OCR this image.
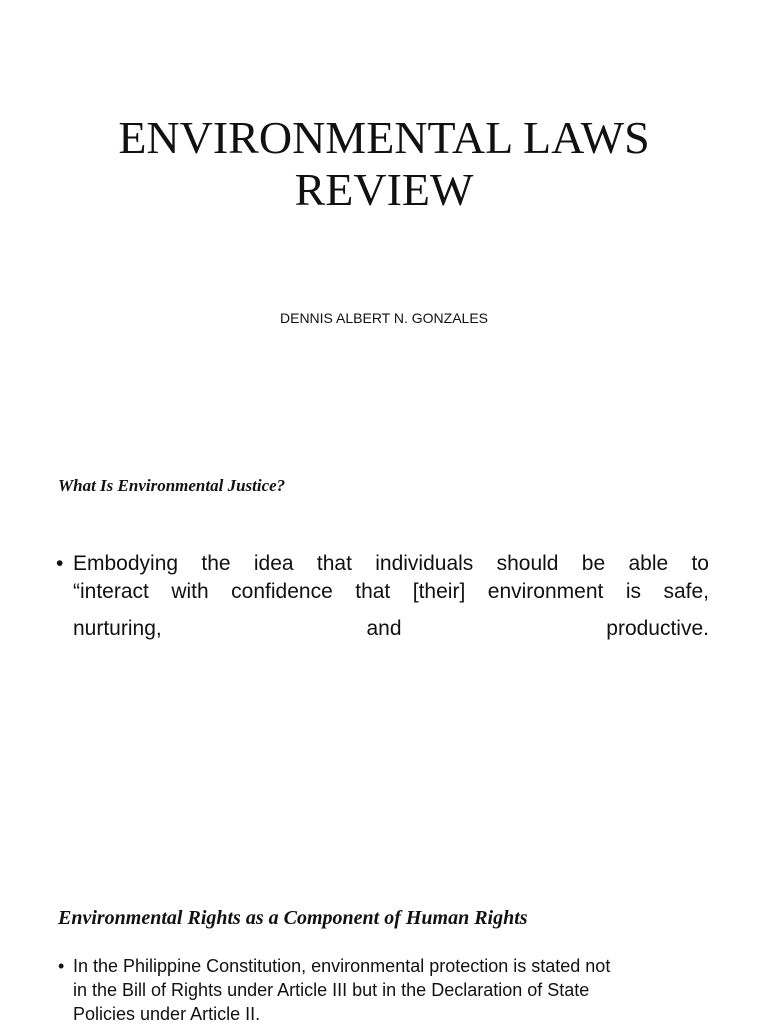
ENVIRONMENTAL LAWS
REVIEW
DENNIS ALBERT N. GONZALES
What Is Environmental Justice?
• Embodying the idea that individuals should be able to
“interact with confidence that [their] environment is safe,
nurturing,	and	productive.
Environmental Rights as a Component of Human Rights
• In the Philippine Constitution, environmental protection is stated not
in the Bill of Rights under Article III but in the Declaration of State
Policies under Article II.
